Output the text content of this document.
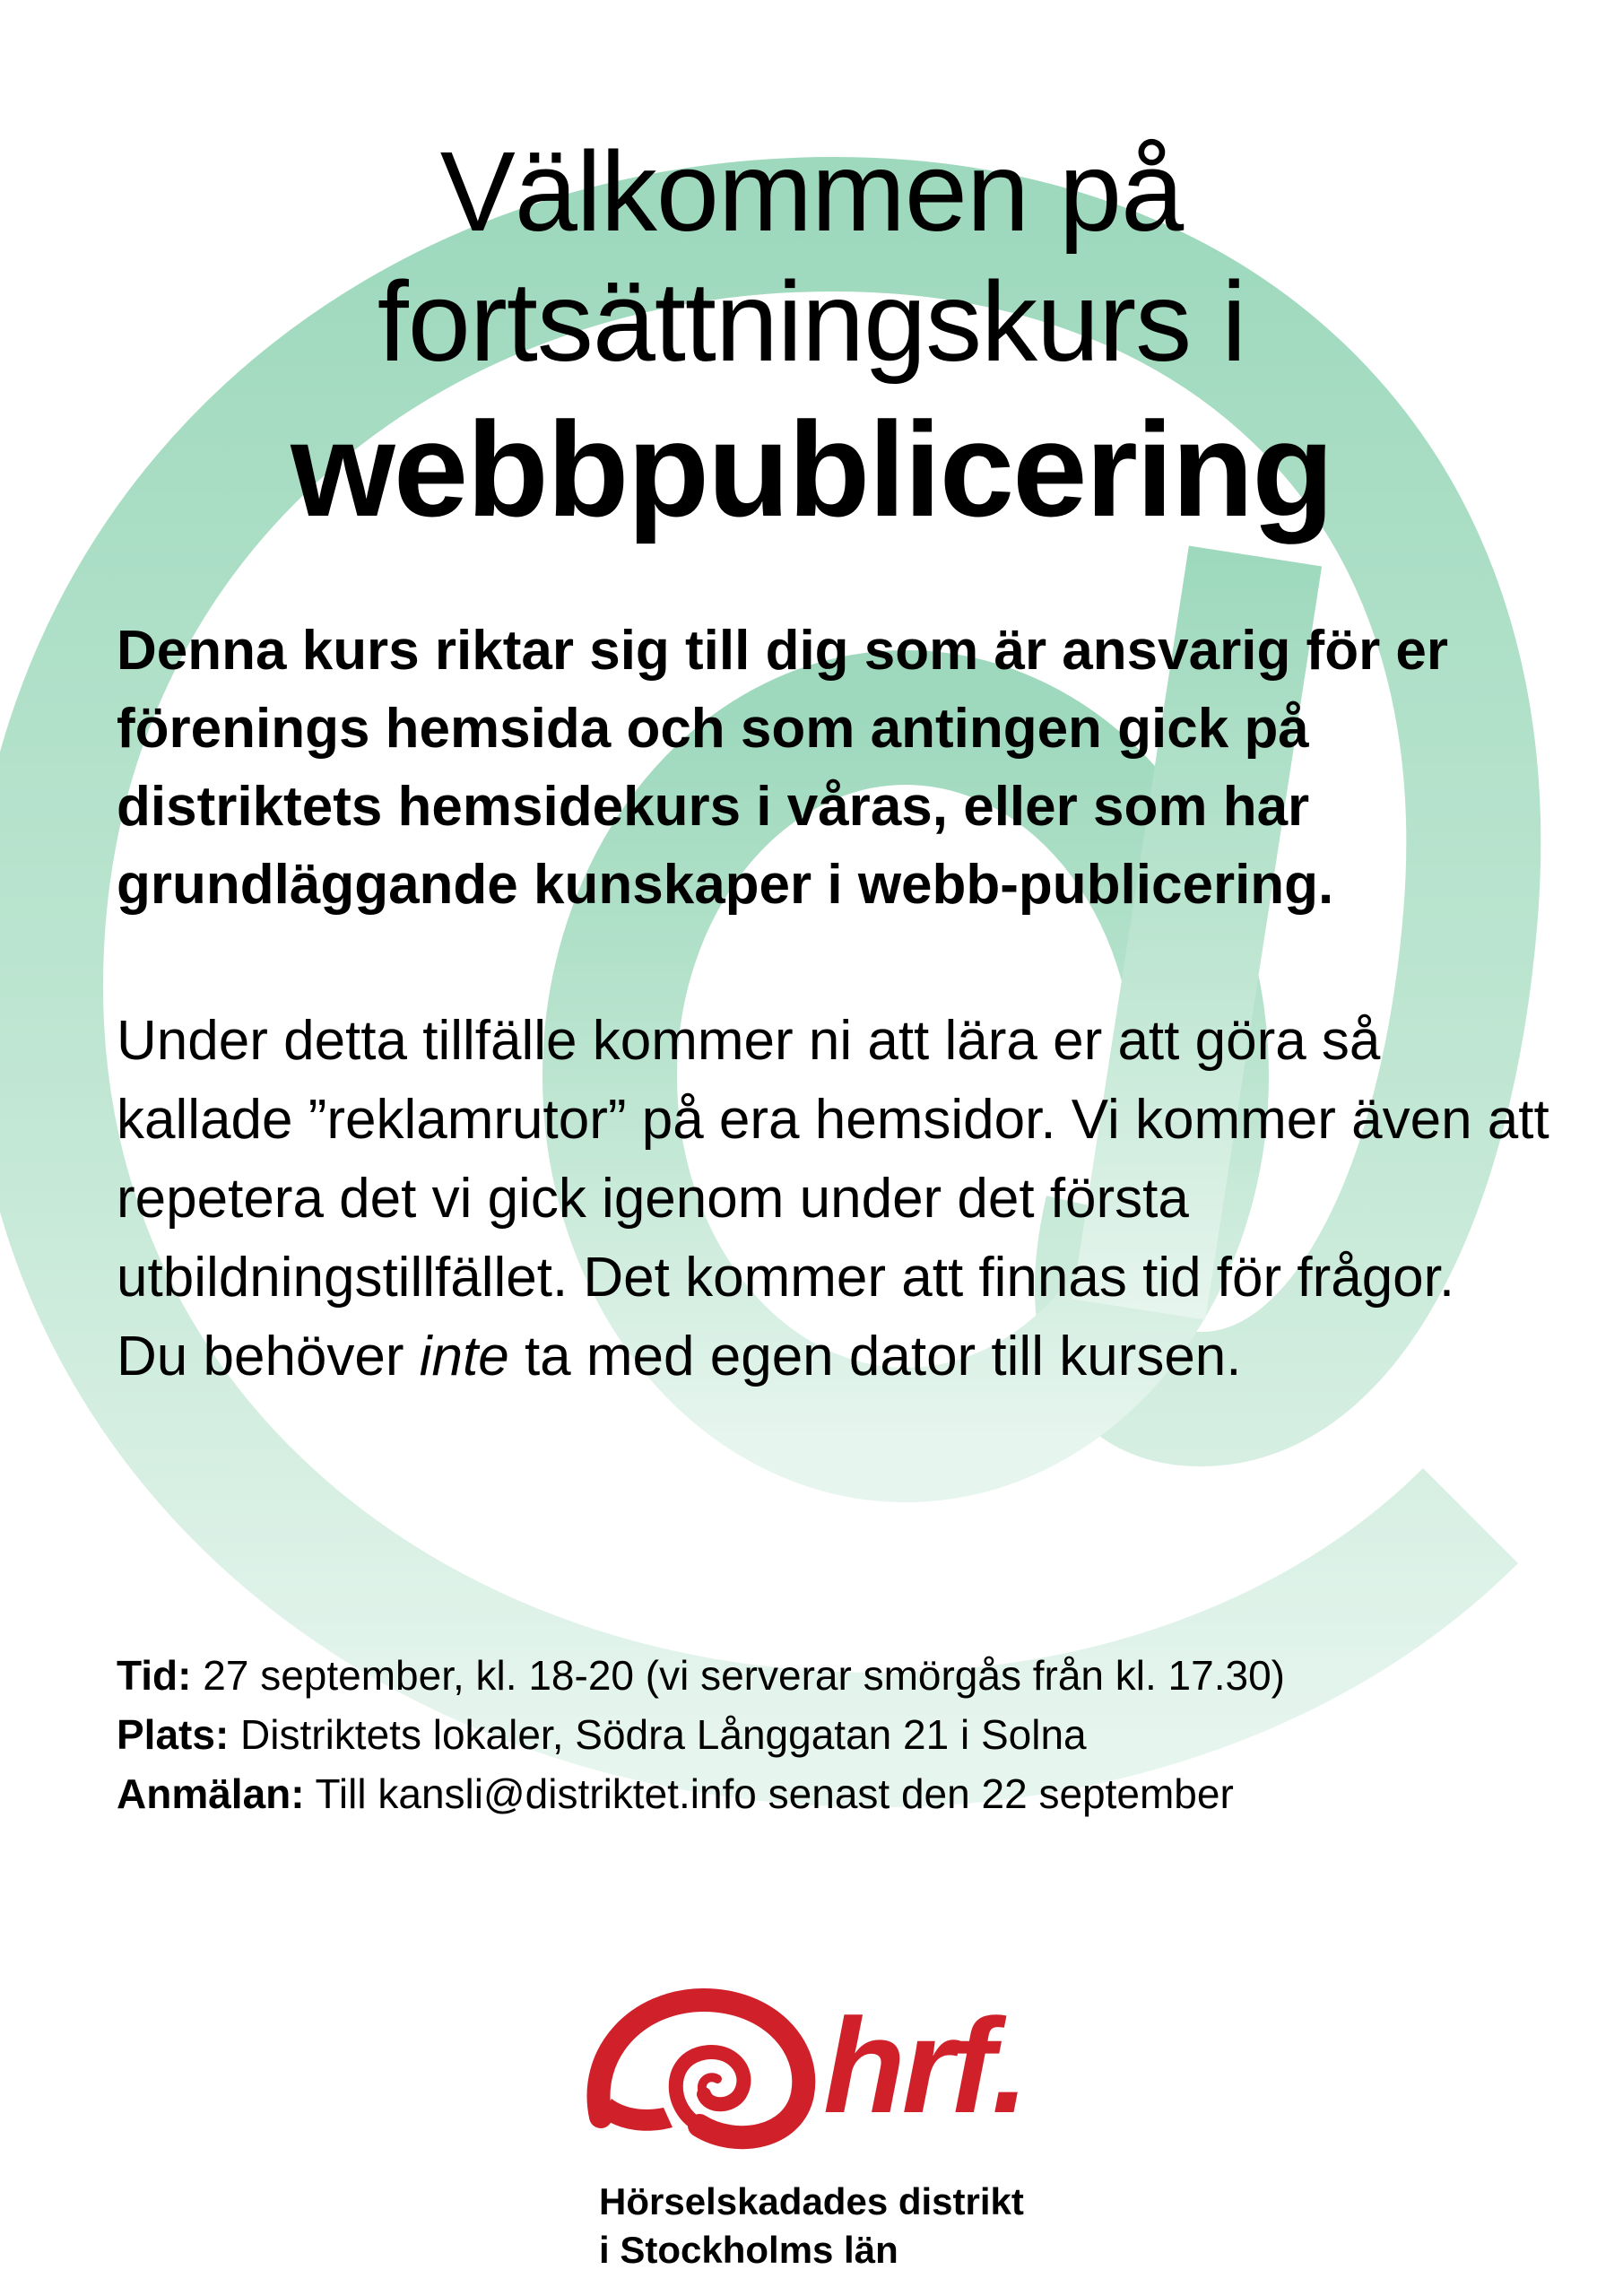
Välkommen på
fortsättningskurs i
webbpublicering

Denna kurs riktar sig till dig som är ansvarig för er förenings hemsida och som antingen gick på distriktets hemsidekurs i våras, eller som har grundläggande kunskaper i webb-publicering.

Under detta tillfälle kommer ni att lära er att göra så kallade ”reklamrutor” på era hemsidor. Vi kommer även att repetera det vi gick igenom under det första utbildningstillfället. Det kommer att finnas tid för frågor.

Du behöver inte ta med egen dator till kursen.

Tid: 27 september, kl. 18-20 (vi serverar smörgås från kl. 17.30)
Plats: Distriktets lokaler, Södra Långgatan 21 i Solna
Anmälan: Till kansli@distriktet.info senast den 22 september
hrf.
Hörselskadades distrikt
i Stockholms län
